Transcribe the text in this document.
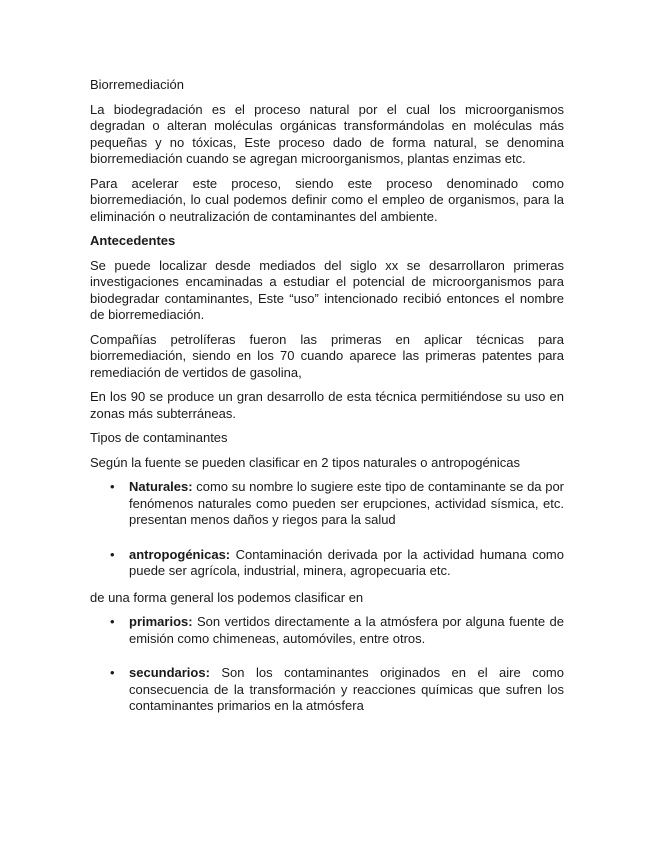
Biorremediación

La biodegradación es el proceso natural por el cual los microorganismos degradan o alteran moléculas orgánicas transformándolas en moléculas más pequeñas y no tóxicas, Este proceso dado de forma natural, se denomina biorremediación cuando se agregan microorganismos, plantas enzimas etc.

Para acelerar este proceso, siendo este proceso denominado como biorremediación, lo cual podemos definir como el empleo de organismos, para la eliminación o neutralización de contaminantes del ambiente.

Antecedentes

Se puede localizar desde mediados del siglo xx se desarrollaron primeras investigaciones encaminadas a estudiar el potencial de microorganismos para biodegradar contaminantes, Este “uso” intencionado recibió entonces el nombre de biorremediación.

Compañías petrolíferas fueron las primeras en aplicar técnicas para biorremediación, siendo en los 70 cuando aparece las primeras patentes para remediación de vertidos de gasolina,

En los 90 se produce un gran desarrollo de esta técnica permitiéndose su uso en zonas más subterráneas.

Tipos de contaminantes

Según la fuente se pueden clasificar en 2 tipos naturales o antropogénicas

• Naturales: como su nombre lo sugiere este tipo de contaminante se da por fenómenos naturales como pueden ser erupciones, actividad sísmica, etc. presentan menos daños y riegos para la salud
• antropogénicas: Contaminación derivada por la actividad humana como puede ser agrícola, industrial, minera, agropecuaria etc.

de una forma general los podemos clasificar en

• primarios: Son vertidos directamente a la atmósfera por alguna fuente de emisión como chimeneas, automóviles, entre otros.
• secundarios: Son los contaminantes originados en el aire como consecuencia de la transformación y reacciones químicas que sufren los contaminantes primarios en la atmósfera
